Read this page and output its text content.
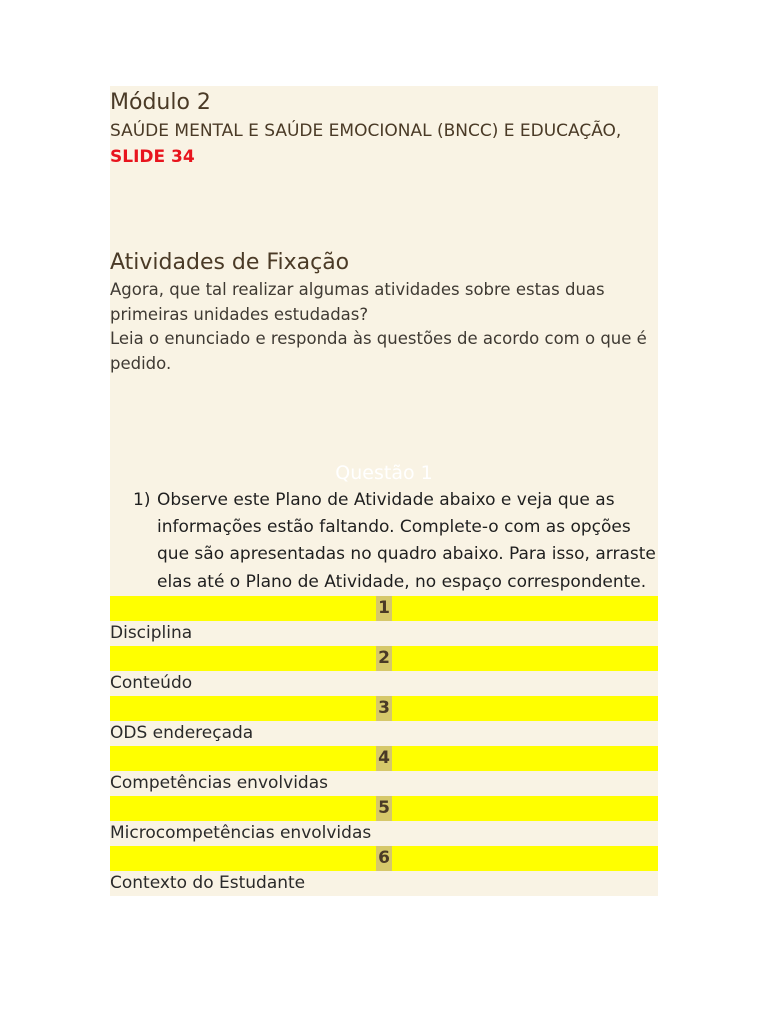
Módulo 2

SAÚDE MENTAL E SAÚDE EMOCIONAL (BNCC) E EDUCAÇÃO, SLIDE 34

Atividades de Fixação

Agora, que tal realizar algumas atividades sobre estas duas primeiras unidades estudadas?

Leia o enunciado e responda às questões de acordo com o que é pedido.

Questão 1
1) Observe este Plano de Atividade abaixo e veja que as informações estão faltando. Complete-o com as opções que são apresentadas no quadro abaixo. Para isso, arraste elas até o Plano de Atividade, no espaço correspondente.
1
Disciplina
2
Conteúdo
3
ODS endereçada
4
Competências envolvidas
5
Microcompetências envolvidas
6
Contexto do Estudante
